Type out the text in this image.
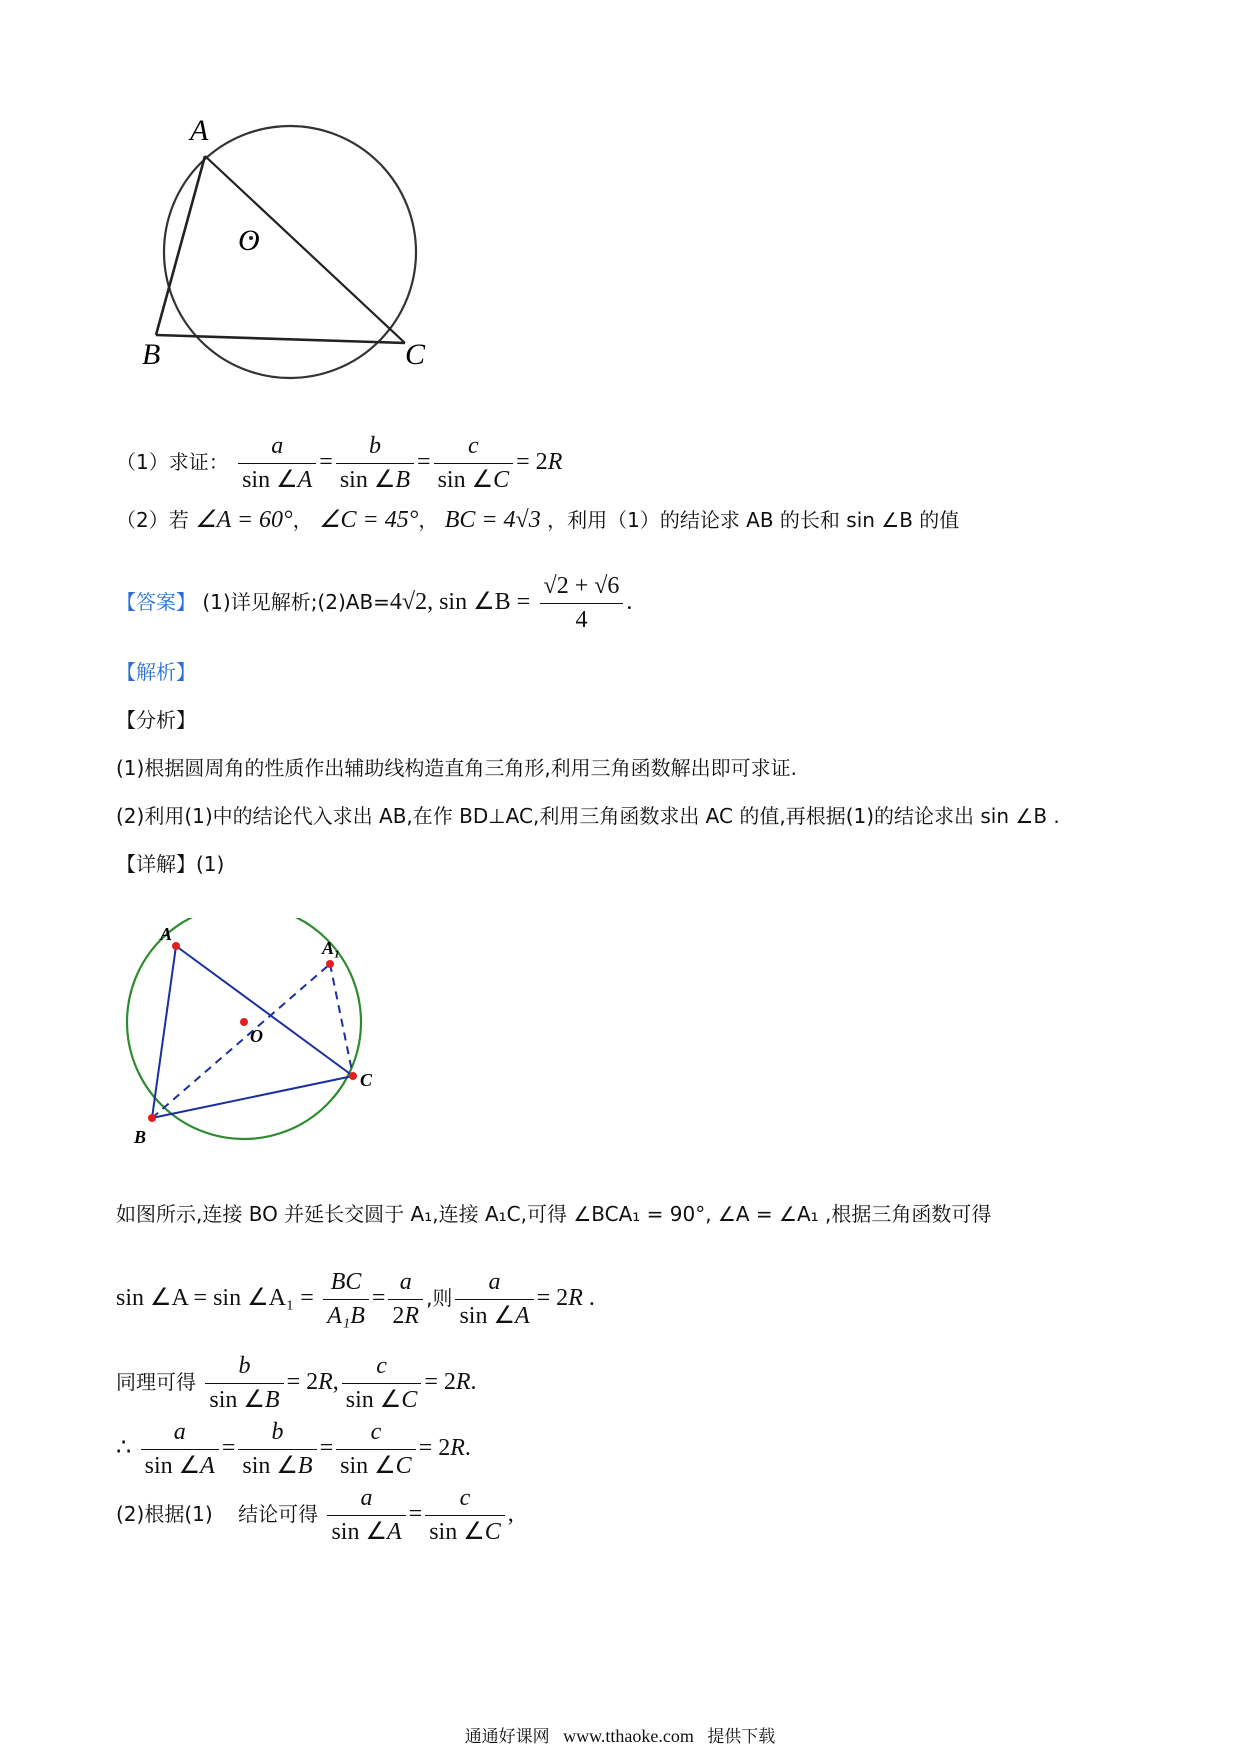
A
O
B	C
（1）求证： $\frac{a}{\sin \angle A} = \frac{b}{\sin \angle B} = \frac{c}{\sin \angle C} = 2R$
（2）若 ∠A = 60°， ∠C = 45°， BC = 4√3 ，利用（1）的结论求 AB 的长和 sin ∠B 的值
【答案】 (1)详见解析;(2)AB=4√2, sin ∠B = $\frac{√2 + √6}{4}$ .
【解析】
【分析】
(1)根据圆周角的性质作出辅助线构造直角三角形,利用三角函数解出即可求证.
(2)利用(1)中的结论代入求出 AB,在作 BD⊥AC,利用三角函数求出 AC 的值,再根据(1)的结论求出 sin ∠B .
【详解】(1)
A
A₁
O
B
C
如图所示,连接 BO 并延长交圆于 A₁,连接 A₁C,可得 ∠BCA₁ = 90°, ∠A = ∠A₁ ,根据三角函数可得
sin ∠A = sin ∠A₁ = $\frac{BC}{\text{A₁B}} = \frac{a}{2R}$ ,则 $\frac{a}{\sin \angle A} = 2R$ .
同理可得 $\frac{b}{\sin \angle B} = 2R$, $\frac{c}{\sin \angle C} = 2R$.
∴ $\frac{a}{\sin \angle A} = \frac{b}{\sin \angle B} = \frac{c}{\sin \angle C} = 2R$.
(2)根据(1)    结论可得 $\frac{a}{\sin \angle A} = \frac{c}{\sin \angle C}$ ,
通通好课网 www.tthaoke.com 提供下载
